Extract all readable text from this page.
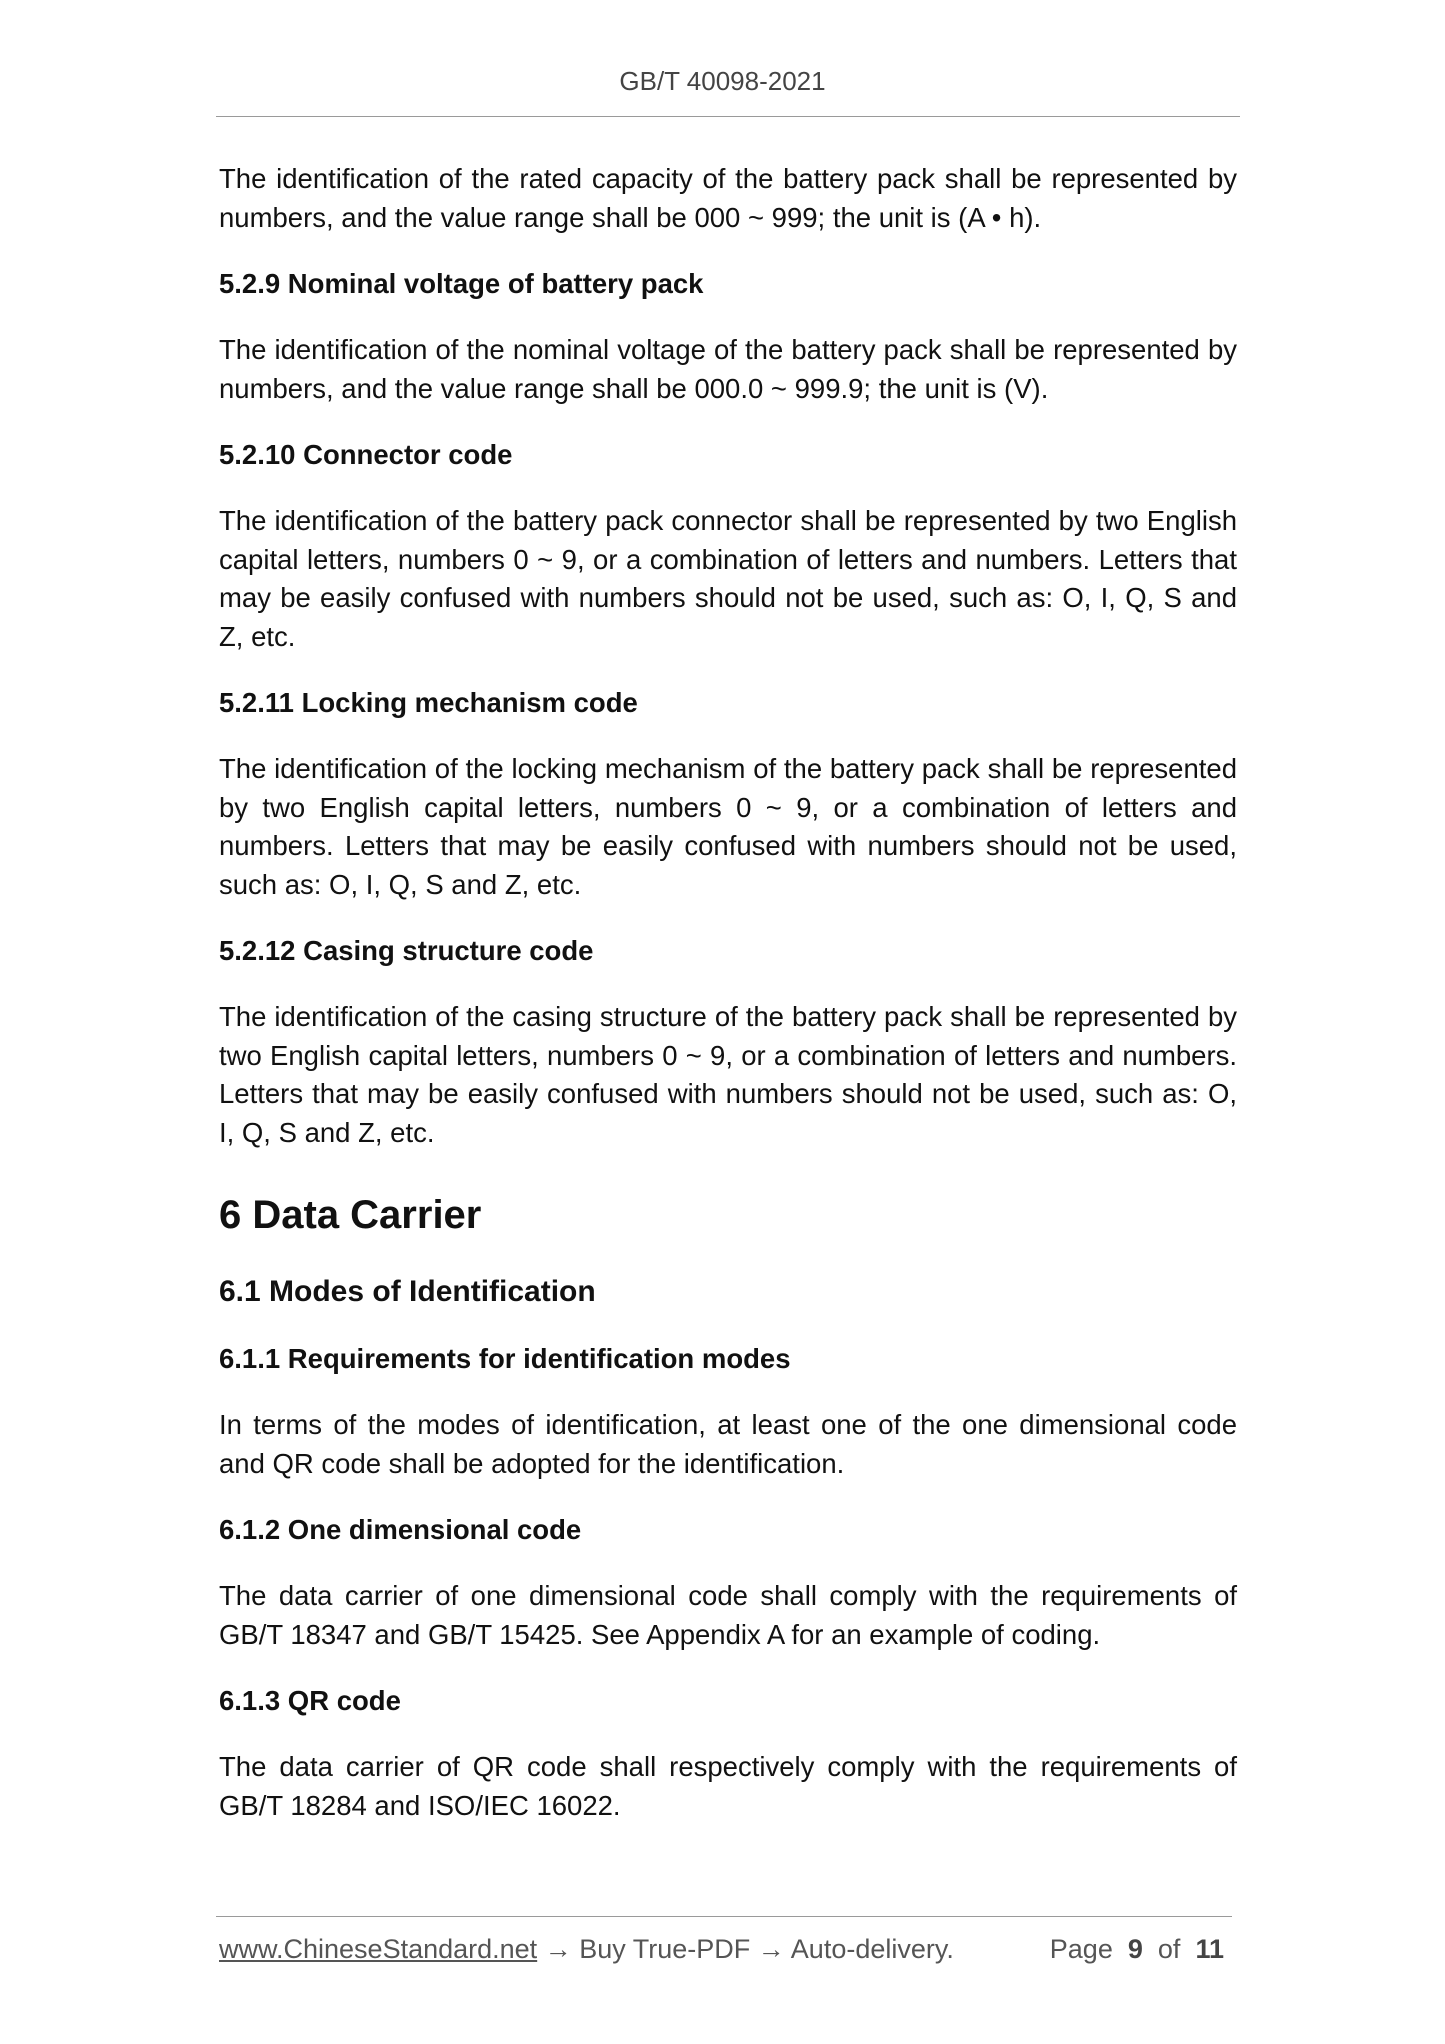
GB/T 40098-2021

The identification of the rated capacity of the battery pack shall be represented by numbers, and the value range shall be 000 ~ 999; the unit is (A • h).

5.2.9 Nominal voltage of battery pack

The identification of the nominal voltage of the battery pack shall be represented by numbers, and the value range shall be 000.0 ~ 999.9; the unit is (V).

5.2.10 Connector code

The identification of the battery pack connector shall be represented by two English capital letters, numbers 0 ~ 9, or a combination of letters and numbers. Letters that may be easily confused with numbers should not be used, such as: O, I, Q, S and Z, etc.

5.2.11 Locking mechanism code

The identification of the locking mechanism of the battery pack shall be represented by two English capital letters, numbers 0 ~ 9, or a combination of letters and numbers. Letters that may be easily confused with numbers should not be used, such as: O, I, Q, S and Z, etc.

5.2.12 Casing structure code

The identification of the casing structure of the battery pack shall be represented by two English capital letters, numbers 0 ~ 9, or a combination of letters and numbers. Letters that may be easily confused with numbers should not be used, such as: O, I, Q, S and Z, etc.

6 Data Carrier
6.1 Modes of Identification
6.1.1 Requirements for identification modes

In terms of the modes of identification, at least one of the one dimensional code and QR code shall be adopted for the identification.

6.1.2 One dimensional code

The data carrier of one dimensional code shall comply with the requirements of GB/T 18347 and GB/T 15425. See Appendix A for an example of coding.

6.1.3 QR code

The data carrier of QR code shall respectively comply with the requirements of GB/T 18284 and ISO/IEC 16022.

www.ChineseStandard.net → Buy True-PDF → Auto-delivery.	Page 9 of 11
